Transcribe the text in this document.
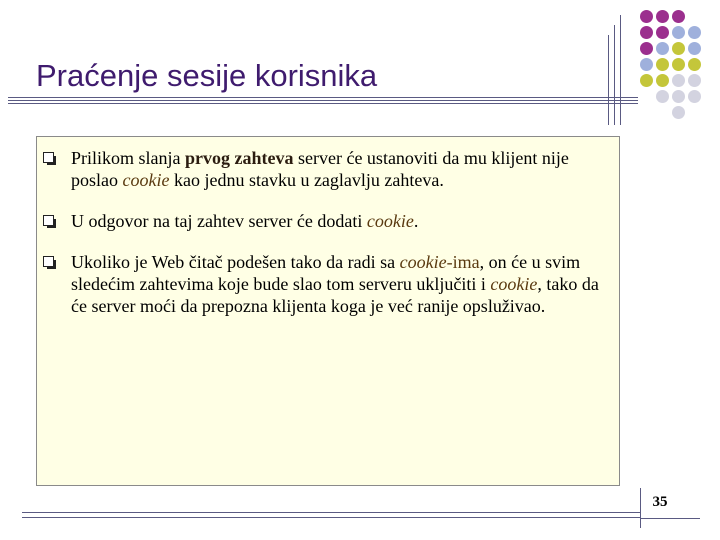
Praćenje sesije korisnika
Prilikom slanja prvog zahteva server će ustanoviti da mu klijent nije poslao cookie kao jednu stavku u zaglavlju zahteva.
U odgovor na taj zahtev server će dodati cookie.
Ukoliko je Web čitač podešen tako da radi sa cookie-ima, on će u svim sledećim zahtevima koje bude slao tom serveru uključiti i cookie, tako da će server moći da prepozna klijenta koga je već ranije opsluživao.
35
